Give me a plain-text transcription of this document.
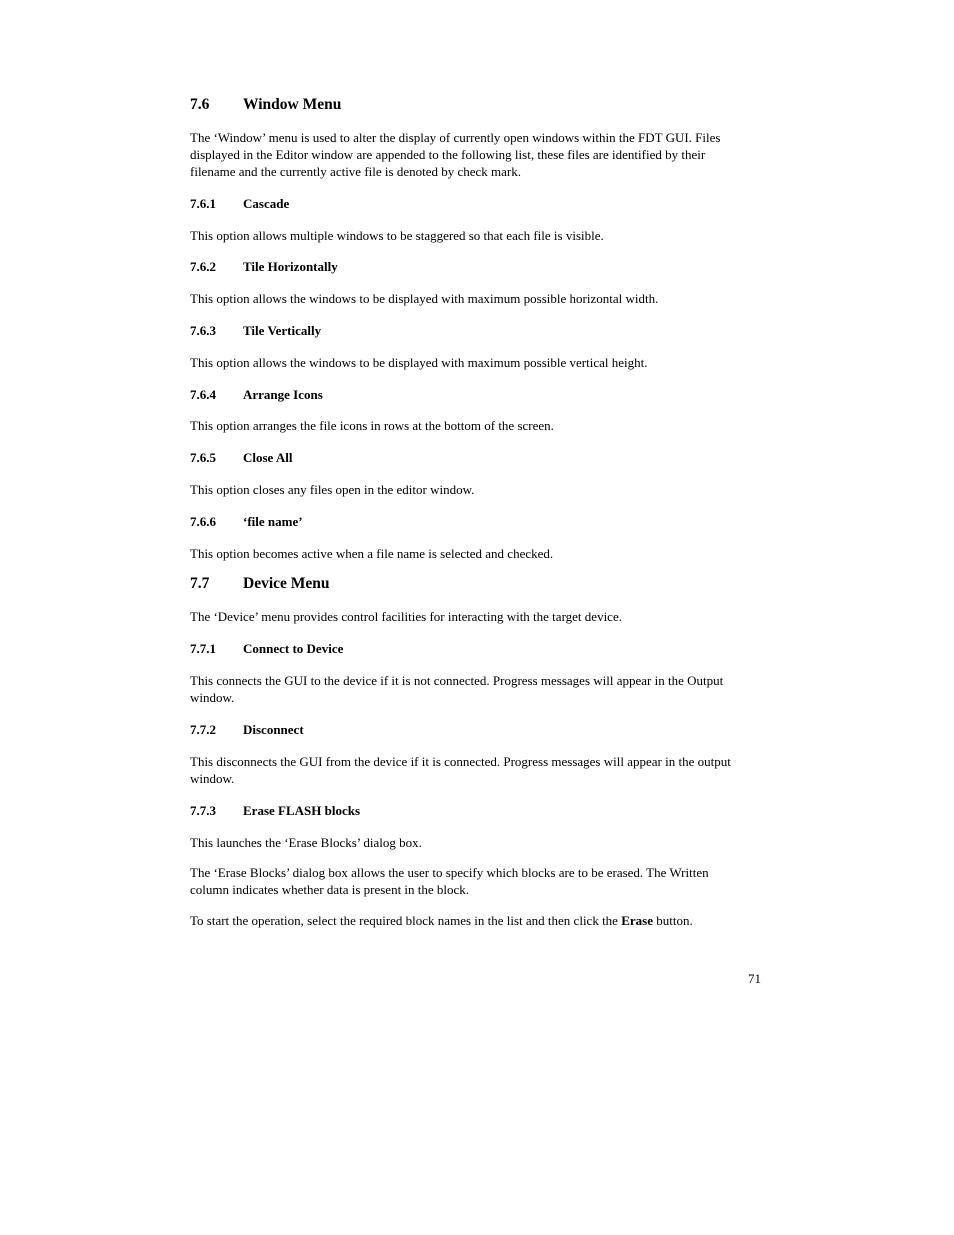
7.6 Window Menu
The ‘Window’ menu is used to alter the display of currently open windows within the FDT GUI. Files displayed in the Editor window are appended to the following list, these files are identified by their filename and the currently active file is denoted by check mark.
7.6.1 Cascade
This option allows multiple windows to be staggered so that each file is visible.
7.6.2 Tile Horizontally
This option allows the windows to be displayed with maximum possible horizontal width.
7.6.3 Tile Vertically
This option allows the windows to be displayed with maximum possible vertical height.
7.6.4 Arrange Icons
This option arranges the file icons in rows at the bottom of the screen.
7.6.5 Close All
This option closes any files open in the editor window.
7.6.6 ‘file name’
This option becomes active when a file name is selected and checked.
7.7 Device Menu
The ‘Device’ menu provides control facilities for interacting with the target device.
7.7.1 Connect to Device
This connects the GUI to the device if it is not connected. Progress messages will appear in the Output window.
7.7.2 Disconnect
This disconnects the GUI from the device if it is connected. Progress messages will appear in the output window.
7.7.3 Erase FLASH blocks
This launches the ‘Erase Blocks’ dialog box.
The ‘Erase Blocks’ dialog box allows the user to specify which blocks are to be erased. The Written column indicates whether data is present in the block.
To start the operation, select the required block names in the list and then click the Erase button.
71
